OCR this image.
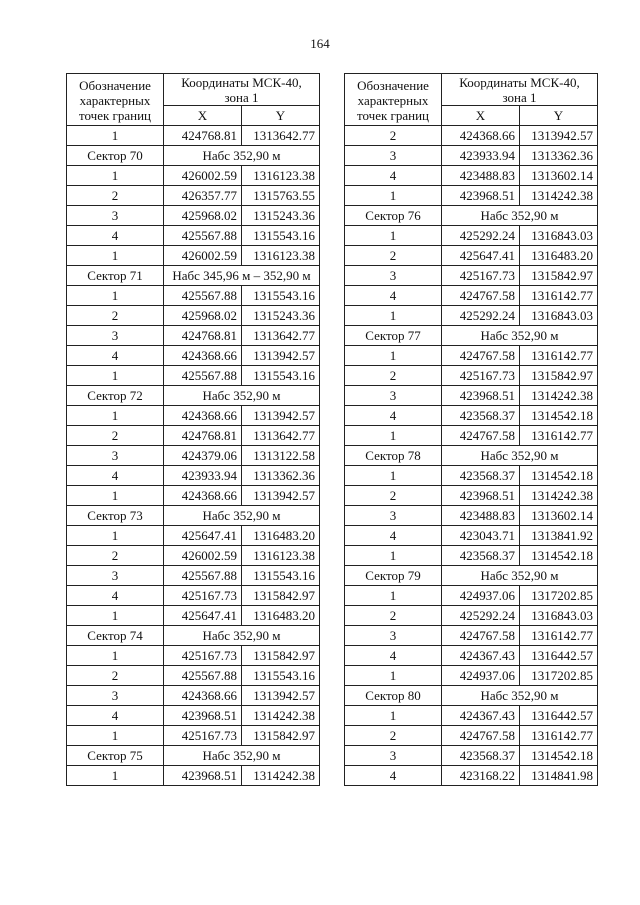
164
Обозначение
характерных
точек границ	Координаты МСК-40,
зона 1	
	X	Y
1	424768.81	1313642.77
Сектор 70	Набс 352,90 м	
1	426002.59	1316123.38
2	426357.77	1315763.55
3	425968.02	1315243.36
4	425567.88	1315543.16
1	426002.59	1316123.38
Сектор 71	Набс 345,96 м – 352,90 м	
1	425567.88	1315543.16
2	425968.02	1315243.36
3	424768.81	1313642.77
4	424368.66	1313942.57
1	425567.88	1315543.16
Сектор 72	Набс 352,90 м	
1	424368.66	1313942.57
2	424768.81	1313642.77
3	424379.06	1313122.58
4	423933.94	1313362.36
1	424368.66	1313942.57
Сектор 73	Набс 352,90 м	
1	425647.41	1316483.20
2	426002.59	1316123.38
3	425567.88	1315543.16
4	425167.73	1315842.97
1	425647.41	1316483.20
Сектор 74	Набс 352,90 м	
1	425167.73	1315842.97
2	425567.88	1315543.16
3	424368.66	1313942.57
4	423968.51	1314242.38
1	425167.73	1315842.97
Сектор 75	Набс 352,90 м	
1	423968.51	1314242.38
Обозначение
характерных
точек границ	Координаты МСК-40,
зона 1	
	X	Y
2	424368.66	1313942.57
3	423933.94	1313362.36
4	423488.83	1313602.14
1	423968.51	1314242.38
Сектор 76	Набс 352,90 м	
1	425292.24	1316843.03
2	425647.41	1316483.20
3	425167.73	1315842.97
4	424767.58	1316142.77
1	425292.24	1316843.03
Сектор 77	Набс 352,90 м	
1	424767.58	1316142.77
2	425167.73	1315842.97
3	423968.51	1314242.38
4	423568.37	1314542.18
1	424767.58	1316142.77
Сектор 78	Набс 352,90 м	
1	423568.37	1314542.18
2	423968.51	1314242.38
3	423488.83	1313602.14
4	423043.71	1313841.92
1	423568.37	1314542.18
Сектор 79	Набс 352,90 м	
1	424937.06	1317202.85
2	425292.24	1316843.03
3	424767.58	1316142.77
4	424367.43	1316442.57
1	424937.06	1317202.85
Сектор 80	Набс 352,90 м	
1	424367.43	1316442.57
2	424767.58	1316142.77
3	423568.37	1314542.18
4	423168.22	1314841.98
